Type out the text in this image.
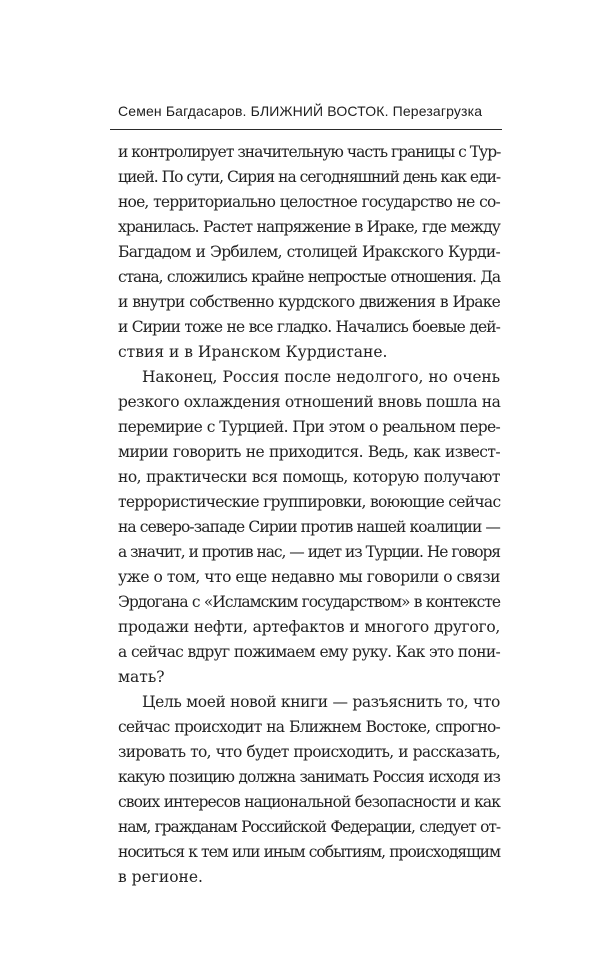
Семен Багдасаров. БЛИЖНИЙ ВОСТОК. Перезагрузка
и контролирует значительную часть границы с Тур-
цией. По сути, Сирия на сегодняшний день как еди-
ное, территориально целостное государство не со-
хранилась. Растет напряжение в Ираке, где между
Багдадом и Эрбилем, столицей Иракского Курди-
стана, сложились крайне непростые отношения. Да
и внутри собственно курдского движения в Ираке
и Сирии тоже не все гладко. Начались боевые дей-
ствия и в Иранском Курдистане.
Наконец, Россия после недолгого, но очень
резкого охлаждения отношений вновь пошла на
перемирие с Турцией. При этом о реальном пере-
мирии говорить не приходится. Ведь, как извест-
но, практически вся помощь, которую получают
террористические группировки, воюющие сейчас
на северо-западе Сирии против нашей коалиции —
а значит, и против нас, — идет из Турции. Не говоря
уже о том, что еще недавно мы говорили о связи
Эрдогана с «Исламским государством» в контексте
продажи нефти, артефактов и многого другого,
а сейчас вдруг пожимаем ему руку. Как это пони-
мать?
Цель моей новой книги — разъяснить то, что
сейчас происходит на Ближнем Востоке, спрогно-
зировать то, что будет происходить, и рассказать,
какую позицию должна занимать Россия исходя из
своих интересов национальной безопасности и как
нам, гражданам Российской Федерации, следует от-
носиться к тем или иным событиям, происходящим
в регионе.
